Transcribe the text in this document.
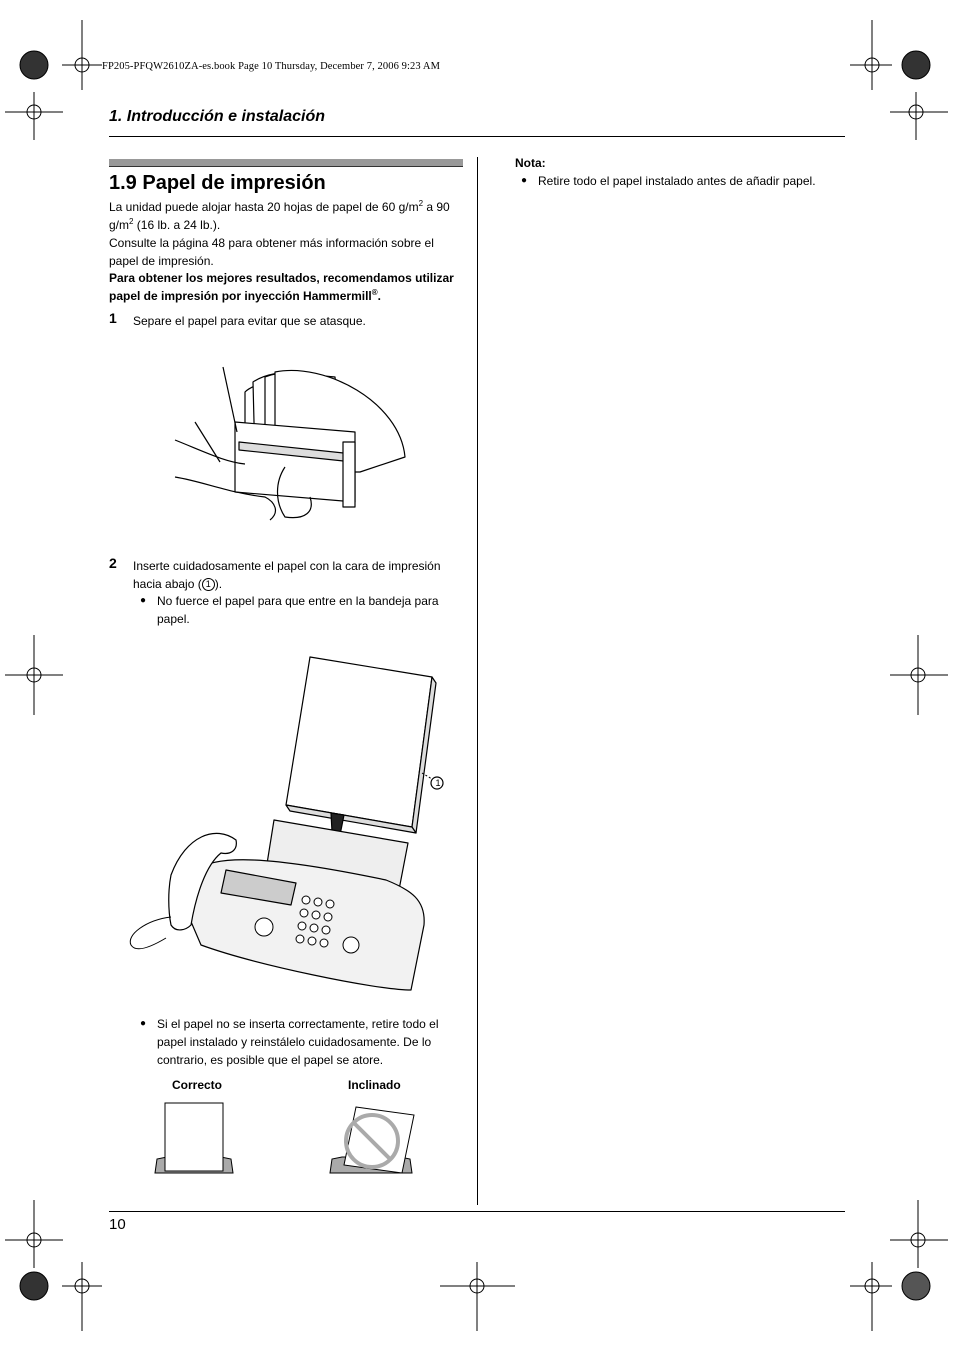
FP205-PFQW2610ZA-es.book Page 10 Thursday, December 7, 2006 9:23 AM
1. Introducción e instalación
1.9 Papel de impresión
La unidad puede alojar hasta 20 hojas de papel de 60 $g/m^2$ a 90 $g/m^2$ (16 lb. a 24 lb.).
Consulte la página 48 para obtener más información sobre el papel de impresión.
Para obtener los mejores resultados, recomendamos utilizar papel de impresión por inyección Hammermill®.
1 Separe el papel para evitar que se atasque.
2 Inserte cuidadosamente el papel con la cara de impresión hacia abajo ( 1 ).
● No fuerce el papel para que entre en la bandeja para papel.
1
● Si el papel no se inserta correctamente, retire todo el papel instalado y reinstálelo cuidadosamente. De lo contrario, es posible que el papel se atore.
Correcto	Inclinado
Nota:
● Retire todo el papel instalado antes de añadir papel.
10
